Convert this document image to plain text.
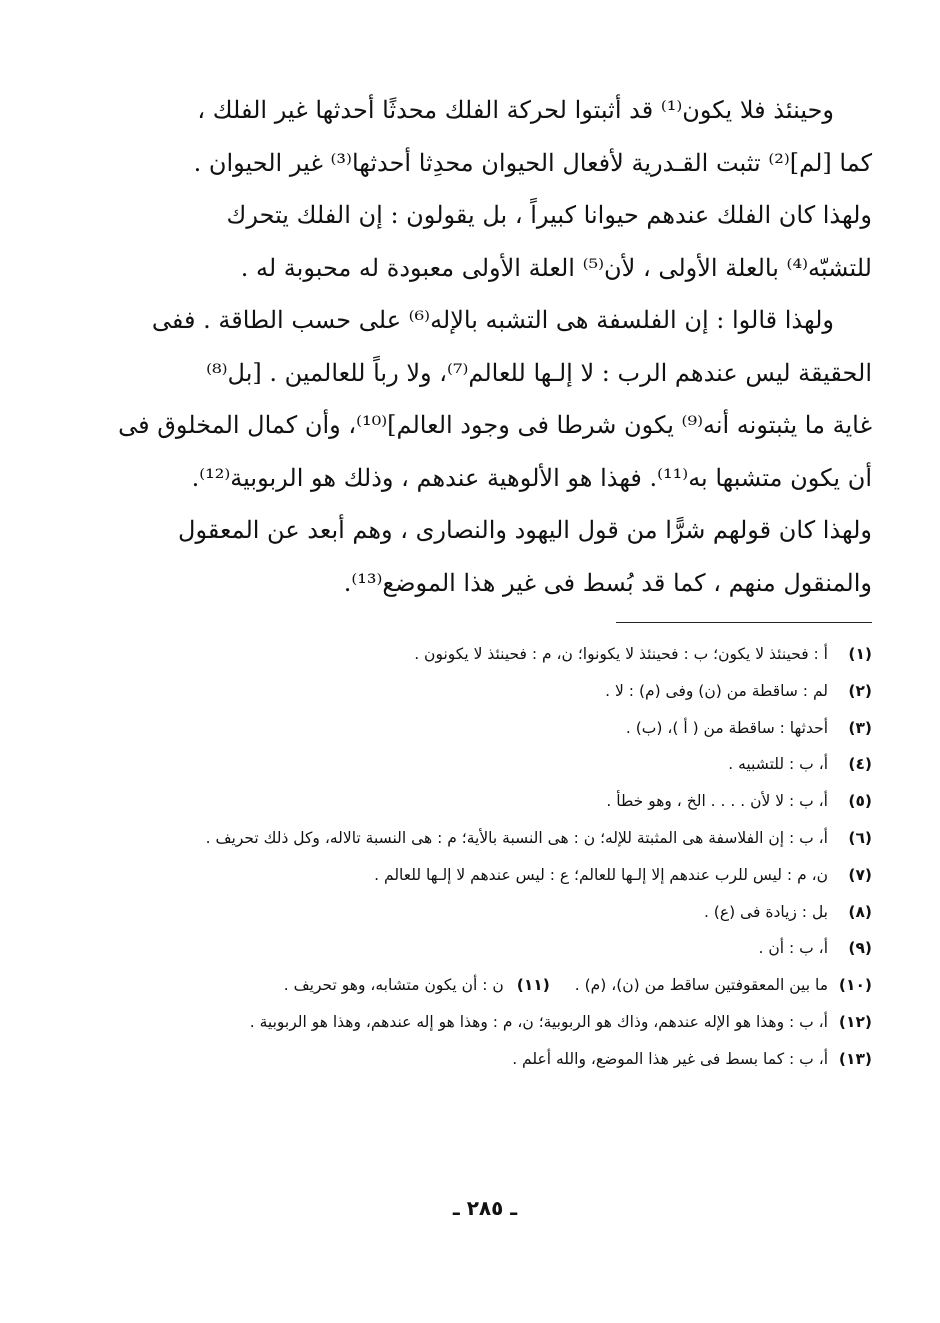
وحينئذ فلا يكون⁽¹⁾ قد أثبتوا لحركة الفلك محدثًا أحدثها غير الفلك ،
كما [لم]⁽²⁾ تثبت القـدرية لأفعال الحيوان محدِثا أحدثها⁽³⁾ غير الحيوان .
ولهذا كان الفلك عندهم حيوانا كبيراً ، بل يقولون : إن الفلك يتحرك
للتشبّه⁽⁴⁾ بالعلة الأولى ، لأن⁽⁵⁾ العلة الأولى معبودة له محبوبة له .
ولهذا قالوا : إن الفلسفة هى التشبه بالإله⁽⁶⁾ على حسب الطاقة . ففى
الحقيقة ليس عندهم الرب : لا إلـها للعالم⁽⁷⁾، ولا رباً للعالمين . [بل⁽⁸⁾
غاية ما يثبتونه أنه⁽⁹⁾ يكون شرطا فى وجود العالم]⁽¹⁰⁾، وأن كمال المخلوق فى
أن يكون متشبها به⁽¹¹⁾. فهذا هو الألوهية عندهم ، وذلك هو الربوبية⁽¹²⁾.
ولهذا كان قولهم شرًّا من قول اليهود والنصارى ، وهم أبعد عن المعقول
والمنقول منهم ، كما قد بُسط فى غير هذا الموضع⁽¹³⁾.
(١)
أ : فحينئذ لا يكون؛ ب : فحينئذ لا يكونوا؛ ن، م : فحينئذ لا يكونون .
(٢)
لم : ساقطة من (ن) وفى (م) : لا .
(٣)
أحدثها : ساقطة من ( أ )، (ب) .
(٤)
أ، ب : للتشبيه .
(٥)
أ، ب : لا لأن . . . . الخ ، وهو خطأ .
(٦)
أ، ب : إن الفلاسفة هى المثبتة للإله؛ ن : هى النسبة بالأية؛ م : هى النسبة تالاله، وكل ذلك تحريف .
(٧)
ن، م : ليس للرب عندهم إلا إلـها للعالم؛ ع : ليس عندهم لا إلـها للعالم .
(٨)
بل : زيادة فى (ع) .
(٩)
أ، ب : أن .
(١٠)
ما بين المعقوفتين ساقط من (ن)، (م) . (١١) ن : أن يكون متشابه، وهو تحريف .
(١٢)
أ، ب : وهذا هو الإله عندهم، وذاك هو الربوبية؛ ن، م : وهذا هو إله عندهم، وهذا هو الربوبية .
(١٣)
أ، ب : كما بسط فى غير هذا الموضع، والله أعلم .
ـ ٢٨٥ ـ
